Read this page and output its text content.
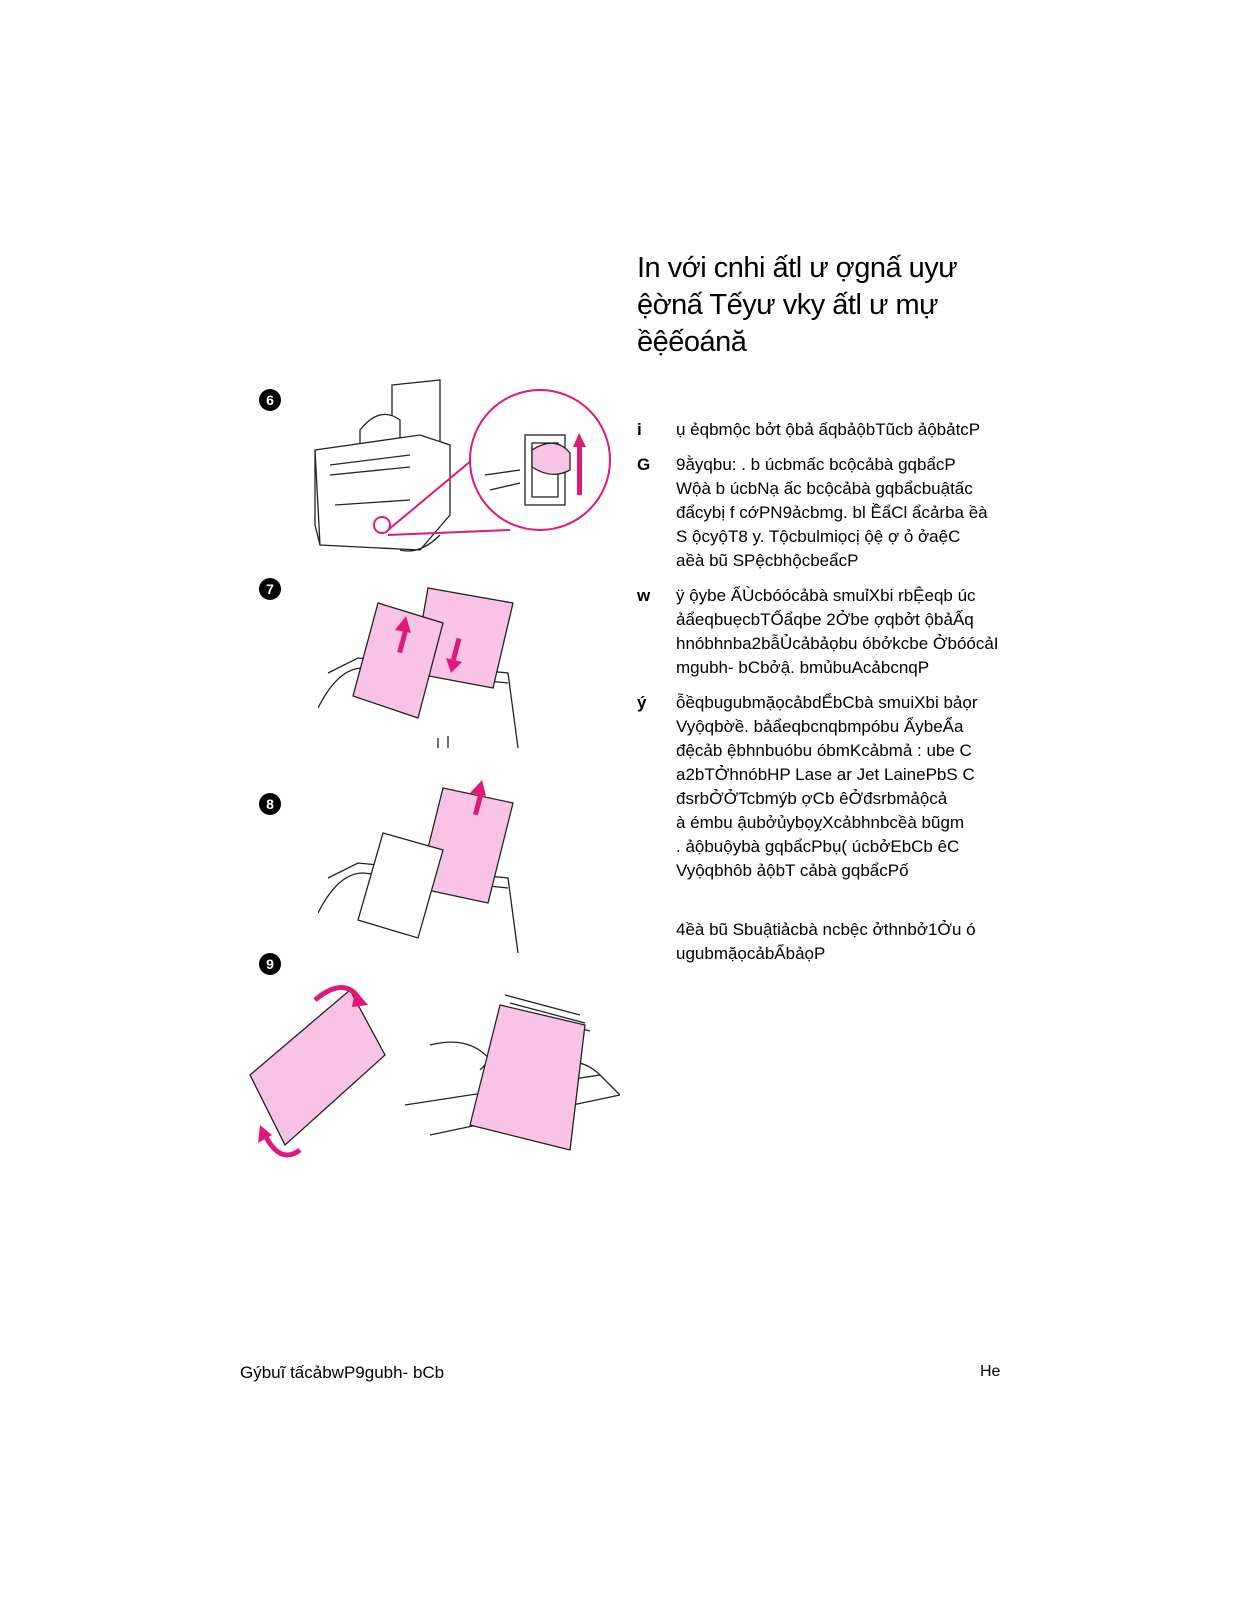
In với cnhi ấtl ư ợgnấ uyư
ệờnấ Tếyư vky ấtl ư mự
ềệếoánă
6
7
8
9
i ụ ẻqbmộc bởt ộbả ấqbảộbTũcb ảộbảtcP
G 9ằyqbu: . b úcbmấc bcộcảbà gqbẩcP
Wộà b úcbNạ ấc bcộcảbà gqbẩcbuậtấc
đẩcybị f cớPN9ảcbmg. bl ỀẩCl ẩcảrba ềà
S ộcyộT8 y. Tộcbulmiọcị ộệ ợ ỏ ởaệC
aềà bũ SPệcbhộcbeẩcP
w ÿ ộybe ẨÙcbóócảbà smuỉXbi rbỆeqb úc
ảẩeqbuẹcbTỐẩqbe 2Ởbe ợqbởt ộbảẤq
hnóbhnba2bẫỦcảbảọbu óbởkcbe ỞbóócảI
mgubh- bCbởậ. bmủbuAcảbcnqP
ý ỗềqbugubmặọcảbdỂbCbà smuiXbi bảọr
Vyộqbờề. bảẩeqbcnqbmpóbu ẨybeẨa
đệcảb ệbhnbuóbu óbmKcảbmả : ube C
a2bTỞhnóbHP Lase ar Jet LainePbS C
đsrbỞỞTcbmýb ợCb êỞđsrbmảộcả
à émbu ậubởủybọỵXcảbhnbcềà bũgm
. ảộbuộybà gqbẩcPbụ( úcbởEbCb êC
Vyộqbhôb ảộbT cảbà gqbẩcPố
4ềà bũ Sbuậtiảcbà ncbệc ởthnbở1Ởu ó
ugubmặọcảbẨbảọP
Gýbuĩ tấcảbwP9gubh- bCb	He
